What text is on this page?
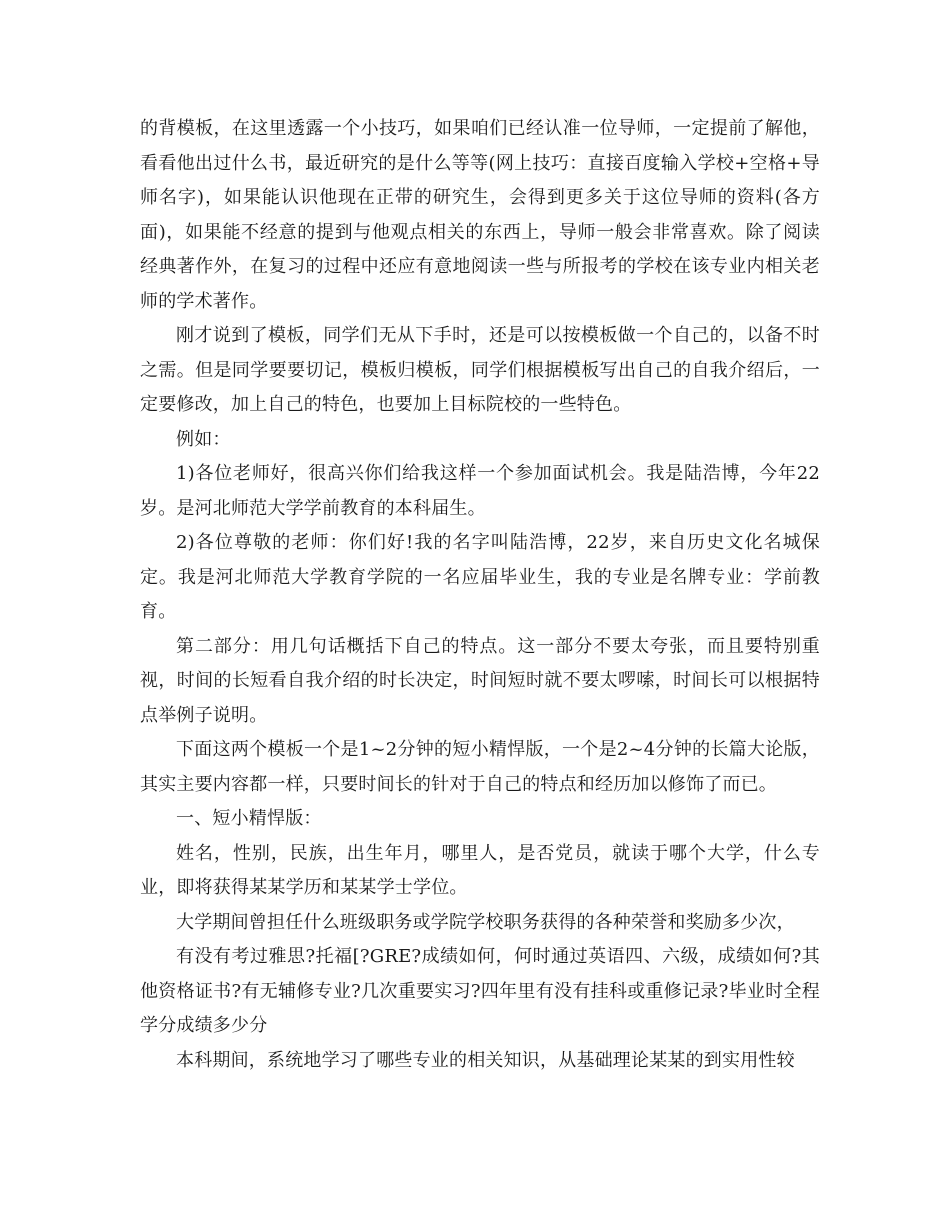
的背模板，在这里透露一个小技巧，如果咱们已经认准一位导师，一定提前了解他，看看他出过什么书，最近研究的是什么等等(网上技巧：直接百度输入学校+空格+导师名字)，如果能认识他现在正带的研究生，会得到更多关于这位导师的资料(各方面)，如果能不经意的提到与他观点相关的东西上，导师一般会非常喜欢。除了阅读经典著作外，在复习的过程中还应有意地阅读一些与所报考的学校在该专业内相关老师的学术著作。

刚才说到了模板，同学们无从下手时，还是可以按模板做一个自己的，以备不时之需。但是同学要要切记，模板归模板，同学们根据模板写出自己的自我介绍后，一定要修改，加上自己的特色，也要加上目标院校的一些特色。

例如：

1)各位老师好，很高兴你们给我这样一个参加面试机会。我是陆浩博，今年22岁。是河北师范大学学前教育的本科届生。

2)各位尊敬的老师：你们好!我的名字叫陆浩博，22岁，来自历史文化名城保定。我是河北师范大学教育学院的一名应届毕业生，我的专业是名牌专业：学前教育。

第二部分：用几句话概括下自己的特点。这一部分不要太夸张，而且要特别重视，时间的长短看自我介绍的时长决定，时间短时就不要太啰嗦，时间长可以根据特点举例子说明。

下面这两个模板一个是1~2分钟的短小精悍版，一个是2~4分钟的长篇大论版，其实主要内容都一样，只要时间长的针对于自己的特点和经历加以修饰了而已。

一、短小精悍版：

姓名，性别，民族，出生年月，哪里人，是否党员，就读于哪个大学，什么专业，即将获得某某学历和某某学士学位。

大学期间曾担任什么班级职务或学院学校职务获得的各种荣誉和奖励多少次，

有没有考过雅思?托福[?GRE?成绩如何，何时通过英语四、六级，成绩如何?其他资格证书?有无辅修专业?几次重要实习?四年里有没有挂科或重修记录?毕业时全程学分成绩多少分

本科期间，系统地学习了哪些专业的相关知识，从基础理论某某的到实用性较
